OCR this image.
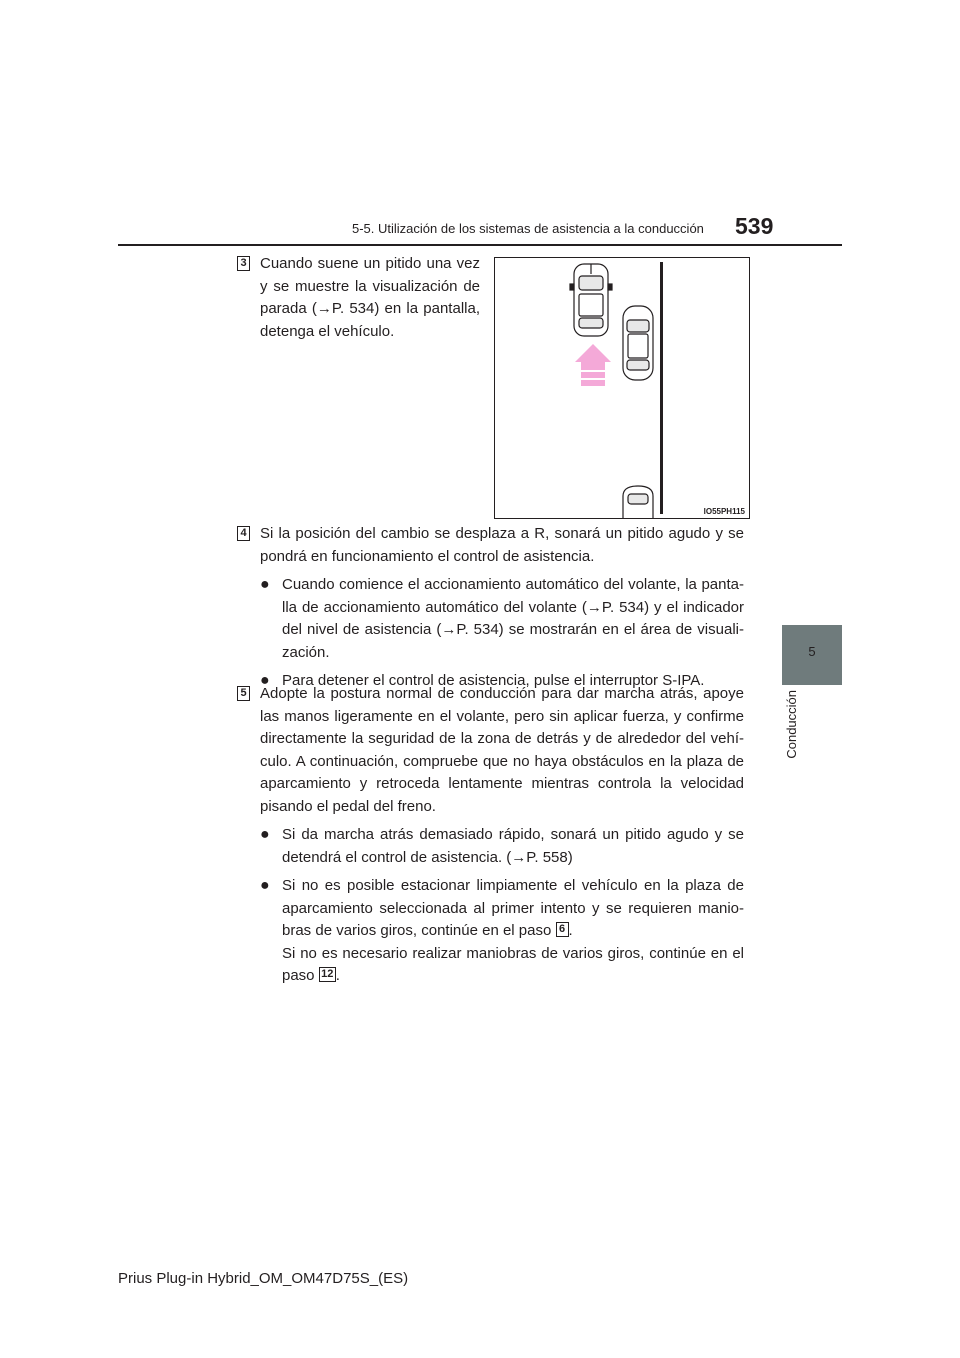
5-5. Utilización de los sistemas de asistencia a la conducción 539
5
Conducción
3 Cuando suene un pitido una vez y se muestre la visualización de parada (→P. 534) en la pantalla, detenga el vehículo.

IO55PH115
4 Si la posición del cambio se desplaza a R, sonará un pitido agudo y se pondrá en funcionamiento el control de asistencia.

● Cuando comience el accionamiento automático del volante, la panta-lla de accionamiento automático del volante (→P. 534) y el indicador del nivel de asistencia (→P. 534) se mostrarán en el área de visuali-zación.
● Para detener el control de asistencia, pulse el interruptor S-IPA.
5 Adopte la postura normal de conducción para dar marcha atrás, apoye las manos ligeramente en el volante, pero sin aplicar fuerza, y confirme directamente la seguridad de la zona de detrás y de alrededor del vehí-culo. A continuación, compruebe que no haya obstáculos en la plaza de aparcamiento y retroceda lentamente mientras controla la velocidad pisando el pedal del freno.

● Si da marcha atrás demasiado rápido, sonará un pitido agudo y se detendrá el control de asistencia. (→P. 558)
● Si no es posible estacionar limpiamente el vehículo en la plaza de aparcamiento seleccionada al primer intento y se requieren manio-bras de varios giros, continúe en el paso 6 .
Si no es necesario realizar maniobras de varios giros, continúe en el paso 12 .
Prius Plug-in Hybrid_OM_OM47D75S_(ES)
